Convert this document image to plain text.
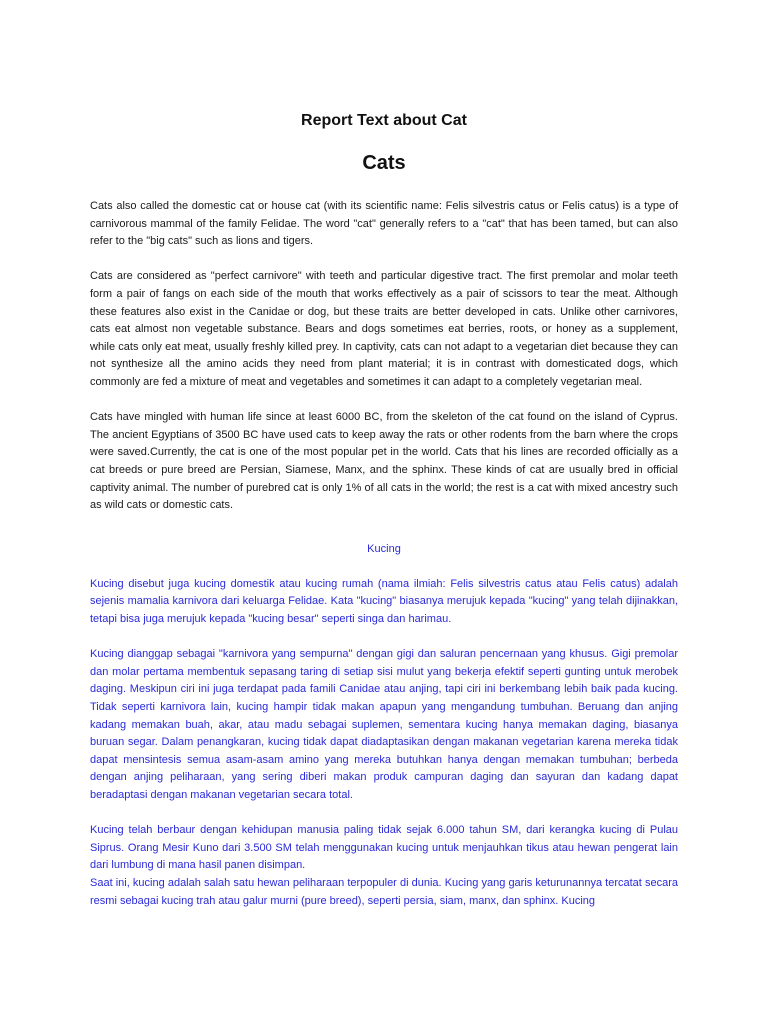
Report Text about Cat
Cats

Cats also called the domestic cat or house cat (with its scientific name: Felis silvestris catus or Felis catus) is a type of carnivorous mammal of the family Felidae. The word "cat" generally refers to a "cat" that has been tamed, but can also refer to the "big cats" such as lions and tigers.

Cats are considered as "perfect carnivore" with teeth and particular digestive tract. The first premolar and molar teeth form a pair of fangs on each side of the mouth that works effectively as a pair of scissors to tear the meat. Although these features also exist in the Canidae or dog, but these traits are better developed in cats. Unlike other carnivores, cats eat almost non vegetable substance. Bears and dogs sometimes eat berries, roots, or honey as a supplement, while cats only eat meat, usually freshly killed prey. In captivity, cats can not adapt to a vegetarian diet because they can not synthesize all the amino acids they need from plant material; it is in contrast with domesticated dogs, which commonly are fed a mixture of meat and vegetables and sometimes it can adapt to a completely vegetarian meal.

Cats have mingled with human life since at least 6000 BC, from the skeleton of the cat found on the island of Cyprus. The ancient Egyptians of 3500 BC have used cats to keep away the rats or other rodents from the barn where the crops were saved.Currently, the cat is one of the most popular pet in the world. Cats that his lines are recorded officially as a cat breeds or pure breed are Persian, Siamese, Manx, and the sphinx. These kinds of cat are usually bred in official captivity animal. The number of purebred cat is only 1% of all cats in the world; the rest is a cat with mixed ancestry such as wild cats or domestic cats.

Kucing

Kucing disebut juga kucing domestik atau kucing rumah (nama ilmiah: Felis silvestris catus atau Felis catus) adalah sejenis mamalia karnivora dari keluarga Felidae. Kata "kucing" biasanya merujuk kepada "kucing" yang telah dijinakkan, tetapi bisa juga merujuk kepada "kucing besar" seperti singa dan harimau.

Kucing dianggap sebagai "karnivora yang sempurna" dengan gigi dan saluran pencernaan yang khusus. Gigi premolar dan molar pertama membentuk sepasang taring di setiap sisi mulut yang bekerja efektif seperti gunting untuk merobek daging. Meskipun ciri ini juga terdapat pada famili Canidae atau anjing, tapi ciri ini berkembang lebih baik pada kucing. Tidak seperti karnivora lain, kucing hampir tidak makan apapun yang mengandung tumbuhan. Beruang dan anjing kadang memakan buah, akar, atau madu sebagai suplemen, sementara kucing hanya memakan daging, biasanya buruan segar. Dalam penangkaran, kucing tidak dapat diadaptasikan dengan makanan vegetarian karena mereka tidak dapat mensintesis semua asam-asam amino yang mereka butuhkan hanya dengan memakan tumbuhan; berbeda dengan anjing peliharaan, yang sering diberi makan produk campuran daging dan sayuran dan kadang dapat beradaptasi dengan makanan vegetarian secara total.

Kucing telah berbaur dengan kehidupan manusia paling tidak sejak 6.000 tahun SM, dari kerangka kucing di Pulau Siprus. Orang Mesir Kuno dari 3.500 SM telah menggunakan kucing untuk menjauhkan tikus atau hewan pengerat lain dari lumbung di mana hasil panen disimpan.

Saat ini, kucing adalah salah satu hewan peliharaan terpopuler di dunia. Kucing yang garis keturunannya tercatat secara resmi sebagai kucing trah atau galur murni (pure breed), seperti persia, siam, manx, dan sphinx. Kucing
